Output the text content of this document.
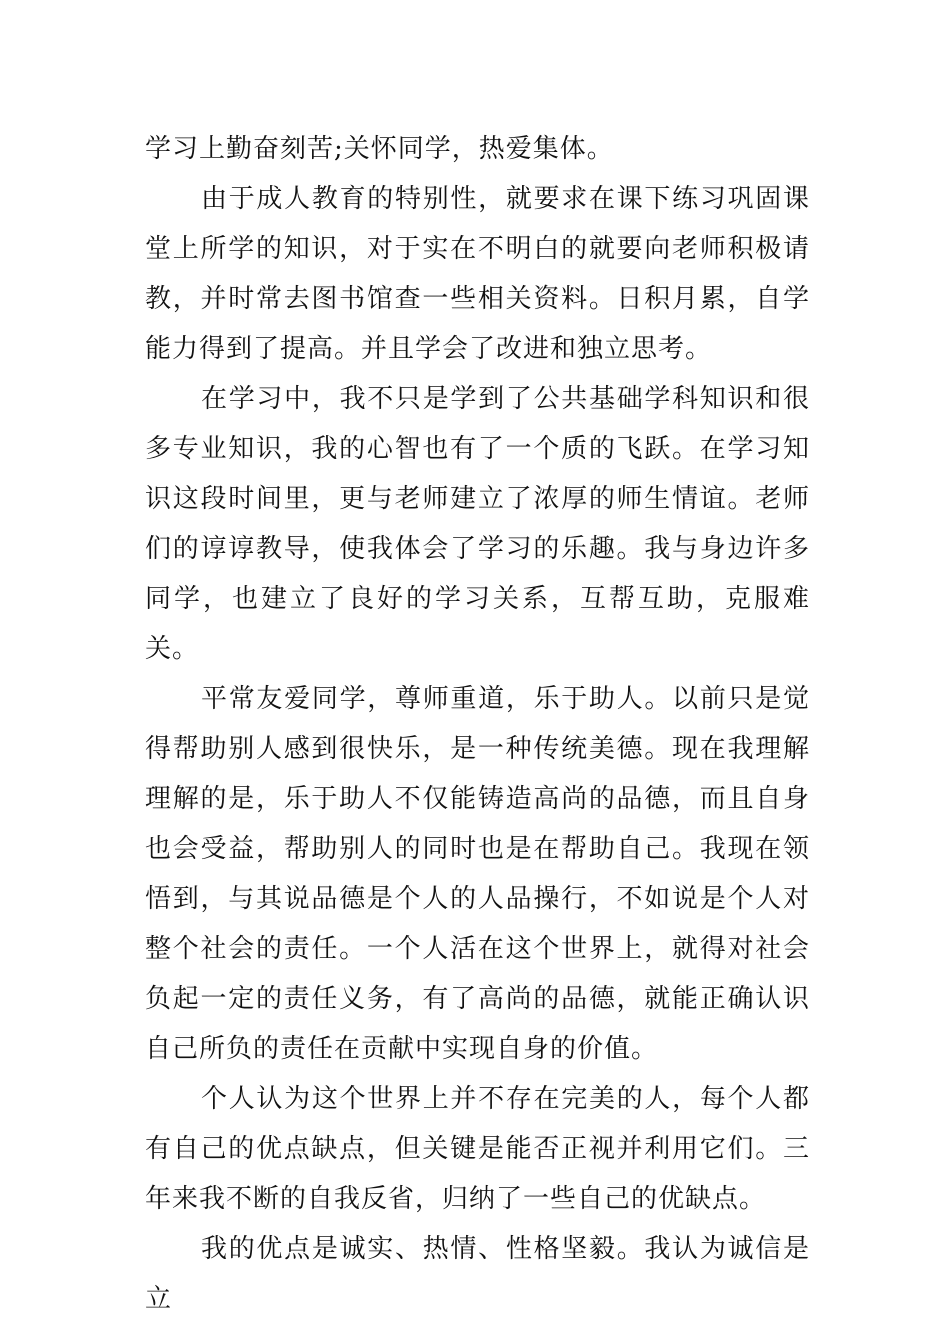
学习上勤奋刻苦;关怀同学，热爱集体。

由于成人教育的特别性，就要求在课下练习巩固课堂上所学的知识，对于实在不明白的就要向老师积极请教，并时常去图书馆查一些相关资料。日积月累，自学能力得到了提高。并且学会了改进和独立思考。

在学习中，我不只是学到了公共基础学科知识和很多专业知识，我的心智也有了一个质的飞跃。在学习知识这段时间里，更与老师建立了浓厚的师生情谊。老师们的谆谆教导，使我体会了学习的乐趣。我与身边许多同学，也建立了良好的学习关系，互帮互助，克服难关。

平常友爱同学，尊师重道，乐于助人。以前只是觉得帮助别人感到很快乐，是一种传统美德。现在我理解理解的是，乐于助人不仅能铸造高尚的品德，而且自身也会受益，帮助别人的同时也是在帮助自己。我现在领悟到，与其说品德是个人的人品操行，不如说是个人对整个社会的责任。一个人活在这个世界上，就得对社会负起一定的责任义务，有了高尚的品德，就能正确认识自己所负的责任在贡献中实现自身的价值。

个人认为这个世界上并不存在完美的人，每个人都有自己的优点缺点，但关键是能否正视并利用它们。三年来我不断的自我反省，归纳了一些自己的优缺点。

我的优点是诚实、热情、性格坚毅。我认为诚信是立
